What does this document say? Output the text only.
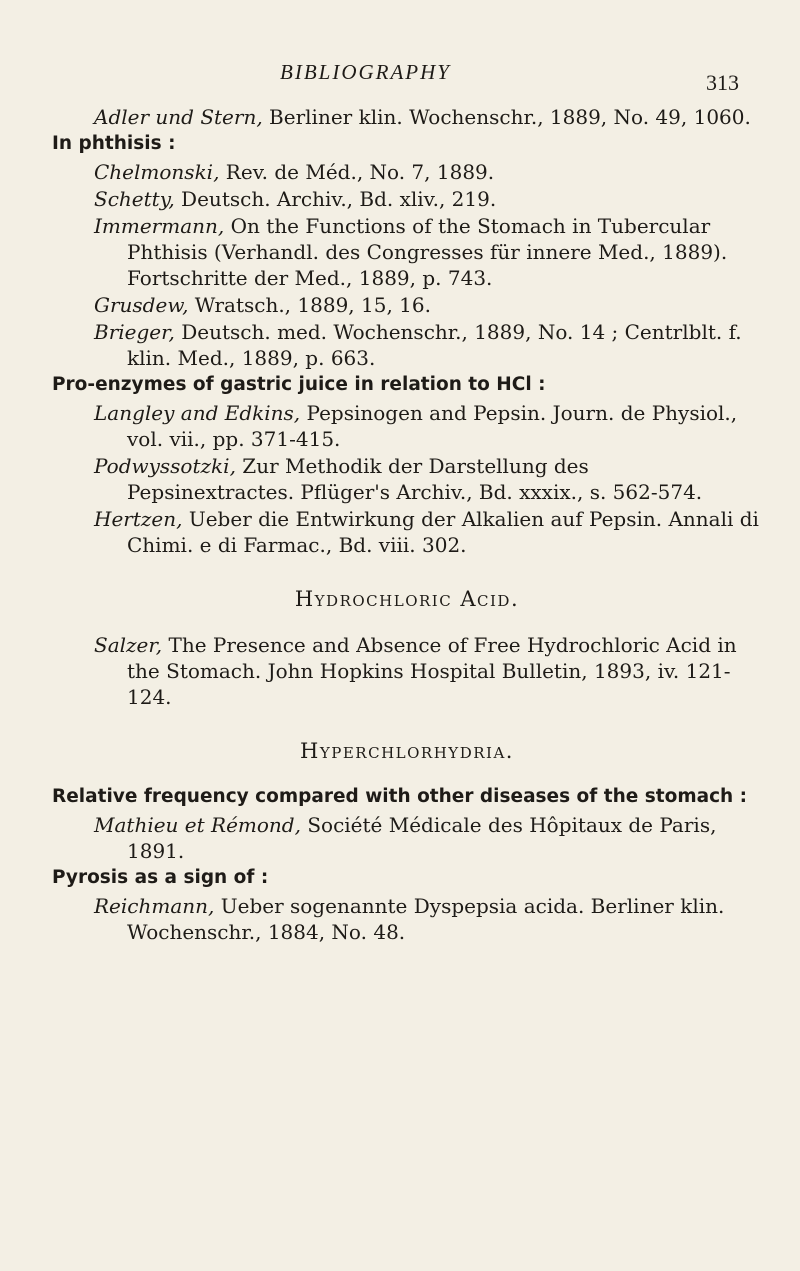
BIBLIOGRAPHY	313

Adler und Stern, Berliner klin. Wochenschr., 1889, No. 49, 1060.

In phthisis :

Chelmonski, Rev. de Méd., No. 7, 1889.

Schetty, Deutsch. Archiv., Bd. xliv., 219.

Immermann, On the Functions of the Stomach in Tubercular Phthisis (Verhandl. des Congresses für innere Med., 1889). Fortschritte der Med., 1889, p. 743.

Grusdew, Wratsch., 1889, 15, 16.

Brieger, Deutsch. med. Wochenschr., 1889, No. 14 ; Centrlblt. f. klin. Med., 1889, p. 663.

Pro-enzymes of gastric juice in relation to HCl :

Langley and Edkins, Pepsinogen and Pepsin. Journ. de Physiol., vol. vii., pp. 371-415.

Podwyssotzki, Zur Methodik der Darstellung des Pepsinextractes. Pflüger's Archiv., Bd. xxxix., s. 562-574.

Hertzen, Ueber die Entwirkung der Alkalien auf Pepsin. Annali di Chimi. e di Farmac., Bd. viii. 302.

Hydrochloric Acid.

Salzer, The Presence and Absence of Free Hydrochloric Acid in the Stomach. John Hopkins Hospital Bulletin, 1893, iv. 121-124.

Hyperchlorhydria.

Relative frequency compared with other diseases of the stomach :

Mathieu et Rémond, Société Médicale des Hôpitaux de Paris, 1891.

Pyrosis as a sign of :

Reichmann, Ueber sogenannte Dyspepsia acida. Berliner klin. Wochenschr., 1884, No. 48.
